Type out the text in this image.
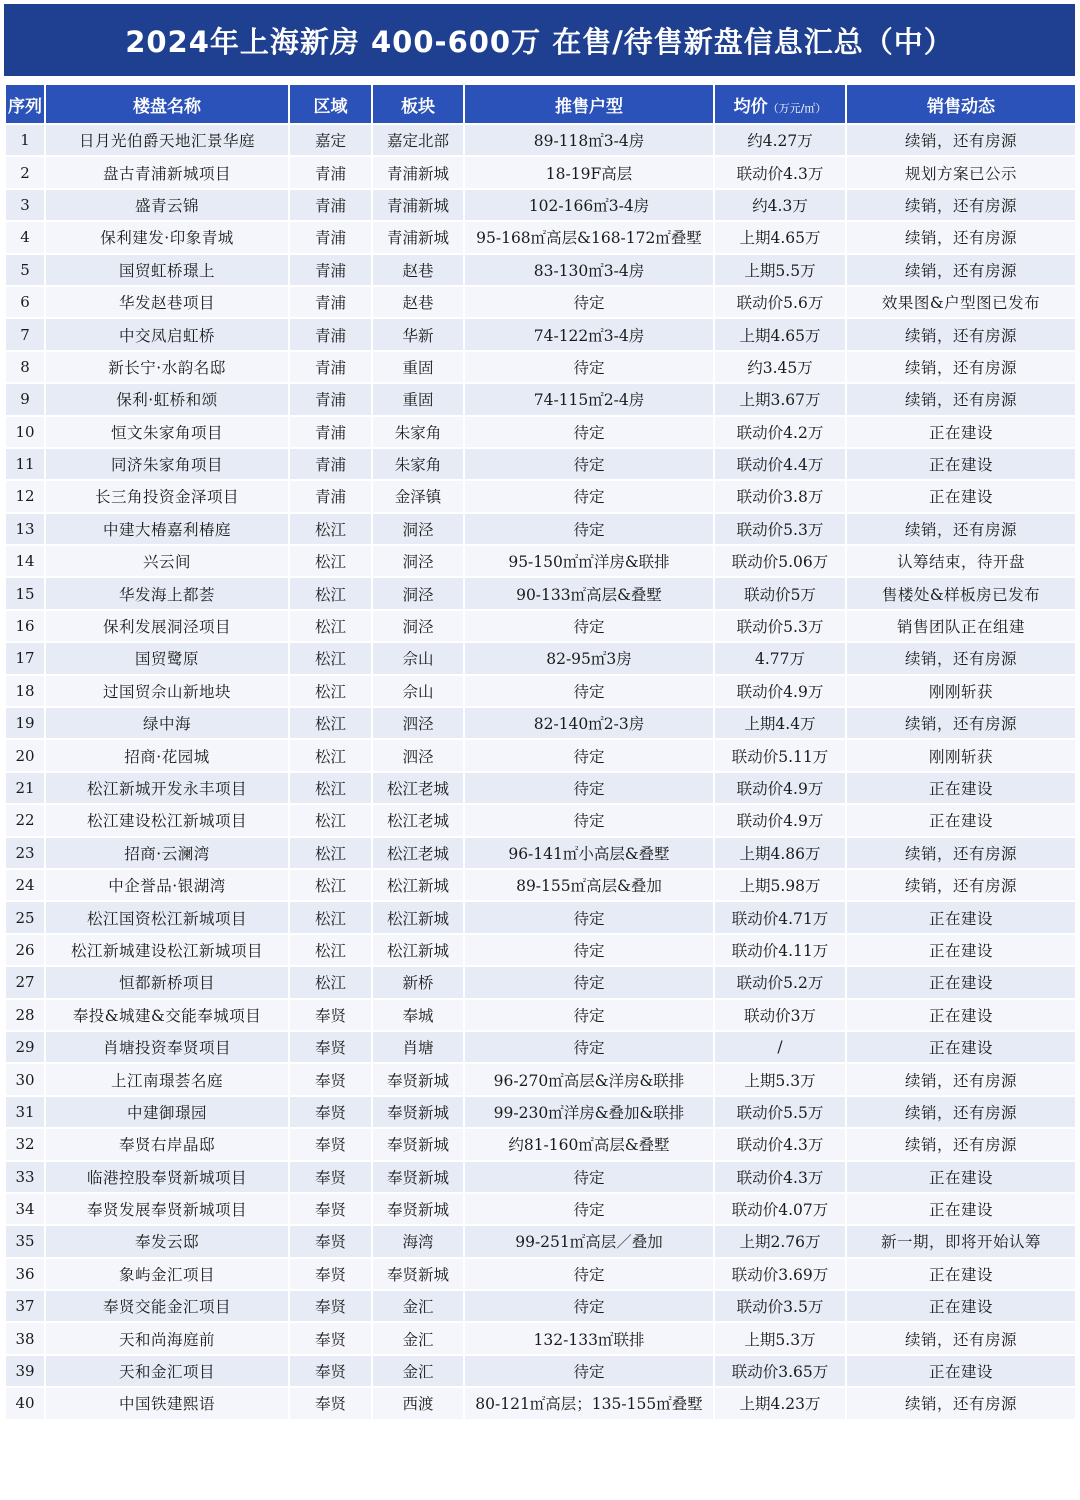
2024年上海新房 400-600万 在售/待售新盘信息汇总（中）
序列	楼盘名称	区域	板块	推售户型	均价（万元/㎡）	销售动态
1	日月光伯爵天地汇景华庭	嘉定	嘉定北部	89-118㎡3-4房	约4.27万	续销，还有房源
2	盘古青浦新城项目	青浦	青浦新城	18-19F高层	联动价4.3万	规划方案已公示
3	盛青云锦	青浦	青浦新城	102-166㎡3-4房	约4.3万	续销，还有房源
4	保利建发·印象青城	青浦	青浦新城	95-168㎡高层&168-172㎡叠墅	上期4.65万	续销，还有房源
5	国贸虹桥璟上	青浦	赵巷	83-130㎡3-4房	上期5.5万	续销，还有房源
6	华发赵巷项目	青浦	赵巷	待定	联动价5.6万	效果图&户型图已发布
7	中交凤启虹桥	青浦	华新	74-122㎡3-4房	上期4.65万	续销，还有房源
8	新长宁·水韵名邸	青浦	重固	待定	约3.45万	续销，还有房源
9	保利·虹桥和颂	青浦	重固	74-115㎡2-4房	上期3.67万	续销，还有房源
10	恒文朱家角项目	青浦	朱家角	待定	联动价4.2万	正在建设
11	同济朱家角项目	青浦	朱家角	待定	联动价4.4万	正在建设
12	长三角投资金泽项目	青浦	金泽镇	待定	联动价3.8万	正在建设
13	中建大椿嘉利椿庭	松江	洞泾	待定	联动价5.3万	续销，还有房源
14	兴云间	松江	洞泾	95-150㎡㎡洋房&联排	联动价5.06万	认筹结束，待开盘
15	华发海上都荟	松江	洞泾	90-133㎡高层&叠墅	联动价5万	售楼处&样板房已发布
16	保利发展洞泾项目	松江	洞泾	待定	联动价5.3万	销售团队正在组建
17	国贸鹭原	松江	佘山	82-95㎡3房	4.77万	续销，还有房源
18	过国贸佘山新地块	松江	佘山	待定	联动价4.9万	刚刚斩获
19	绿中海	松江	泗泾	82-140㎡2-3房	上期4.4万	续销，还有房源
20	招商·花园城	松江	泗泾	待定	联动价5.11万	刚刚斩获
21	松江新城开发永丰项目	松江	松江老城	待定	联动价4.9万	正在建设
22	松江建设松江新城项目	松江	松江老城	待定	联动价4.9万	正在建设
23	招商·云澜湾	松江	松江老城	96-141㎡小高层&叠墅	上期4.86万	续销，还有房源
24	中企誉品·银湖湾	松江	松江新城	89-155㎡高层&叠加	上期5.98万	续销，还有房源
25	松江国资松江新城项目	松江	松江新城	待定	联动价4.71万	正在建设
26	松江新城建设松江新城项目	松江	松江新城	待定	联动价4.11万	正在建设
27	恒都新桥项目	松江	新桥	待定	联动价5.2万	正在建设
28	奉投&城建&交能奉城项目	奉贤	奉城	待定	联动价3万	正在建设
29	肖塘投资奉贤项目	奉贤	肖塘	待定	/	正在建设
30	上江南璟荟名庭	奉贤	奉贤新城	96-270㎡高层&洋房&联排	上期5.3万	续销，还有房源
31	中建御璟园	奉贤	奉贤新城	99-230㎡洋房&叠加&联排	联动价5.5万	续销，还有房源
32	奉贤右岸晶邸	奉贤	奉贤新城	约81-160㎡高层&叠墅	联动价4.3万	续销，还有房源
33	临港控股奉贤新城项目	奉贤	奉贤新城	待定	联动价4.3万	正在建设
34	奉贤发展奉贤新城项目	奉贤	奉贤新城	待定	联动价4.07万	正在建设
35	奉发云邸	奉贤	海湾	99-251㎡高层／叠加	上期2.76万	新一期，即将开始认筹
36	象屿金汇项目	奉贤	奉贤新城	待定	联动价3.69万	正在建设
37	奉贤交能金汇项目	奉贤	金汇	待定	联动价3.5万	正在建设
38	天和尚海庭前	奉贤	金汇	132-133㎡联排	上期5.3万	续销，还有房源
39	天和金汇项目	奉贤	金汇	待定	联动价3.65万	正在建设
40	中国铁建熙语	奉贤	西渡	80-121㎡高层；135-155㎡叠墅	上期4.23万	续销，还有房源
